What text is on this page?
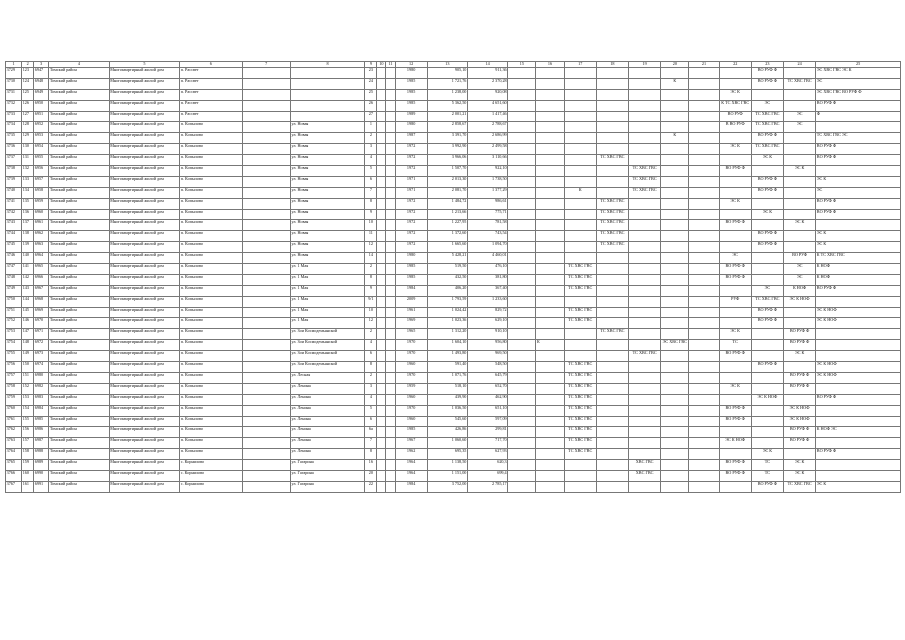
1	2	3	4	5	6	7	8	9	10	11	12	13	14	15	16	17	18	19	20	21	22	23	24	25
3729	123	6947	Томский район	Многоквартирный жилой дом	п. Рассвет			23			1980	905,10	911,36									ВО РУФ Ф		ЭС ХВС ГВС ЭС К
3730	124	6948	Томский район	Многоквартирный жилой дом	п. Рассвет			24			1985	1 721,76	2 370,28						К			ВО РУФ Ф	ТС ХВС ГВС	ЭС
3731	125	6949	Томский район	Многоквартирный жилой дом	п. Рассвет			25			1985	1 238,00	920,08								ЭС К			ЭС ХВС ГВС ВО РУФ Ф
3732	126	6950	Томский район	Многоквартирный жилой дом	п. Рассвет			26			1985	5 362,50	4 651,60								К ТС ХВС ГВС	ЭС		ВО РУФ Ф
3733	127	6951	Томский район	Многоквартирный жилой дом	п. Рассвет			27			1989	2 001,21	1 417,46								ВО РУФ	ТС ХВС ГВС	ЭС	Ф
3734	128	6952	Томский район	Многоквартирный жилой дом	п. Копылово		ул. Новая	1			1980	2 858,67	2 788,67								В ВО РУФ	ТС ХВС ГВС	ЭС	
3735	129	6953	Томский район	Многоквартирный жилой дом	п. Копылово		ул. Новая	2			1987	3 391,70	2 686,99						К			ВО РУФ Ф		ТС ХВС ГВС ЭС
3736	130	6954	Томский район	Многоквартирный жилой дом	п. Копылово		ул. Новая	3			1972	3 992,90	2 499,58								ЭС К	ТС ХВС ГВС		ВО РУФ Ф
3737	131	6955	Томский район	Многоквартирный жилой дом	п. Копылово		ул. Новая	4			1972	3 966,06	3 110,66				ТС ХВС ГВС					ЭС К		ВО РУФ Ф
3738	132	6956	Томский район	Многоквартирный жилой дом	п. Копылово		ул. Новая	5			1972	1 507,70	922,10					ТС ХВС ГВС			ВО РУФ Ф		ЭС К	
3739	133	6957	Томский район	Многоквартирный жилой дом	п. Копылово		ул. Новая	6			1971	2 013,30	1 738,50					ТС ХВС ГВС				ВО РУФ Ф		ЭС К
3740	134	6958	Томский район	Многоквартирный жилой дом	п. Копылово		ул. Новая	7			1971	2 081,70	1 377,29			К		ТС ХВС ГВС				ВО РУФ Ф		ЭС
3741	135	6959	Томский район	Многоквартирный жилой дом	п. Копылово		ул. Новая	8			1972	1 484,72	986,61				ТС ХВС ГВС				ЭС К			ВО РУФ Ф
3742	136	6960	Томский район	Многоквартирный жилой дом	п. Копылово		ул. Новая	9			1972	1 213,66	775,71				ТС ХВС ГВС					ЭС К		ВО РУФ Ф
3743	137	6961	Томский район	Многоквартирный жилой дом	п. Копылово		ул. Новая	10			1972	1 227,95	781,58				ТС ХВС ГВС				ВО РУФ Ф		ЭС К	
3744	138	6962	Томский район	Многоквартирный жилой дом	п. Копылово		ул. Новая	11			1972	1 372,60	743,54				ТС ХВС ГВС					ВО РУФ Ф		ЭС К
3745	139	6963	Томский район	Многоквартирный жилой дом	п. Копылово		ул. Новая	12			1972	1 665,60	1 094,70				ТС ХВС ГВС					ВО РУФ Ф		ЭС К
3746	140	6964	Томский район	Многоквартирный жилой дом	п. Копылово		ул. Новая	14			1980	5 428,21	4 460,01								ЭС		ВО РУФ	К ТС ХВС ГВС
3747	141	6965	Томский район	Многоквартирный жилой дом	п. Копылово		ул. 1 Мая	2			1985	519,50	476,10			ТС ХВС ГВС					ВО РУФ Ф		ЭС	К НОФ
3748	142	6966	Томский район	Многоквартирный жилой дом	п. Копылово		ул. 1 Мая	8			1985	432,50	381,80			ТС ХВС ГВС					ВО РУФ Ф		ЭС	К НОФ
3749	143	6967	Томский район	Многоквартирный жилой дом	п. Копылово		ул. 1 Мая	9			1984	406,20	367,40			ТС ХВС ГВС						ЭС	К НОФ	ВО РУФ Ф
3750	144	6968	Томский район	Многоквартирный жилой дом	п. Копылово		ул. 1 Мая	9/1			2009	1 793,59	1 233,60								РУФ	ТС ХВС ГВС	ЭС К НОФ	
3751	145	6969	Томский район	Многоквартирный жилой дом	п. Копылово		ул. 1 Мая	10			1961	1 024,42	829,72			ТС ХВС ГВС						ВО РУФ Ф		ЭС К НОФ
3752	146	6970	Томский район	Многоквартирный жилой дом	п. Копылово		ул. 1 Мая	12			1969	1 023,36	629,10			ТС ХВС ГВС						ВО РУФ Ф		ЭС К НОФ
3753	147	6971	Томский район	Многоквартирный жилой дом	п. Копылово		ул. Зои Космодемьянской	2			1965	1 312,20	910,10				ТС ХВС ГВС				ЭС К		ВО РУФ Ф	
3754	148	6972	Томский район	Многоквартирный жилой дом	п. Копылово		ул. Зои Космодемьянской	4			1970	1 604,10	956,80		К				ЭС ХВС ГВС		ТС		ВО РУФ Ф	
3755	149	6973	Томский район	Многоквартирный жилой дом	п. Копылово		ул. Зои Космодемьянской	6			1970	1 493,80	969,50					ТС ХВС ГВС			ВО РУФ Ф		ЭС К	
3756	150	6974	Томский район	Многоквартирный жилой дом	п. Копылово		ул. Зои Космодемьянской	8			1960	591,40	548,50			ТС ХВС ГВС						ВО РУФ Ф		ЭС К НОФ
3757	151	6980	Томский район	Многоквартирный жилой дом	п. Копылово		ул. Лесная	2			1970	1 071,76	645,79			ТС ХВС ГВС							ВО РУФ Ф	ЭС К НОФ
3758	152	6982	Томский район	Многоквартирный жилой дом	п. Копылово		ул. Ленина	3			1959	518,10	652,70			ТС ХВС ГВС					ЭС К		ВО РУФ Ф	
3759	153	6983	Томский район	Многоквартирный жилой дом	п. Копылово		ул. Ленина	4			1960	439,90	462,90			ТС ХВС ГВС						ЭС К НОФ		ВО РУФ Ф
3760	154	6984	Томский район	Многоквартирный жилой дом	п. Копылово		ул. Ленина	5			1970	1 036,50	651,10			ТС ХВС ГВС					ВО РУФ Ф		ЭС К НОФ	
3761	155	6985	Томский район	Многоквартирный жилой дом	п. Копылово		ул. Ленина	6			1960	545,60	597,09			ТС ХВС ГВС					ВО РУФ Ф		ЭС К НОФ	
3762	156	6986	Томский район	Многоквартирный жилой дом	п. Копылово		ул. Ленина	6а			1985	426,86	299,81			ТС ХВС ГВС							ВО РУФ Ф	К НОФ ЭС
3763	157	6987	Томский район	Многоквартирный жилой дом	п. Копылово		ул. Ленина	7			1967	1 060,60	717,70			ТС ХВС ГВС					ЭС К НОФ		ВО РУФ Ф	
3764	158	6988	Томский район	Многоквартирный жилой дом	п. Копылово		ул. Ленина	8			1962	695,35	627,93			ТС ХВС ГВС						ЭС К		ВО РУФ Ф
3765	159	6989	Томский район	Многоквартирный жилой дом	с. Корнилово		ул. Гагарина	16			1964	1 138,50	620,3					ХВС ГВС			ВО РУФ Ф	ТС	ЭС К	
3766	160	6990	Томский район	Многоквартирный жилой дом	с. Корнилово		ул. Гагарина	20			1964	1 151,00	699,4					ХВС ГВС			ВО РУФ Ф	ТС	ЭС К	
3767	161	6991	Томский район	Многоквартирный жилой дом	с. Корнилово		ул. Гагарина	22			1984	3 752,00	2 785,17									ВО РУФ Ф	ТС ХВС ГВС	ЭС К
